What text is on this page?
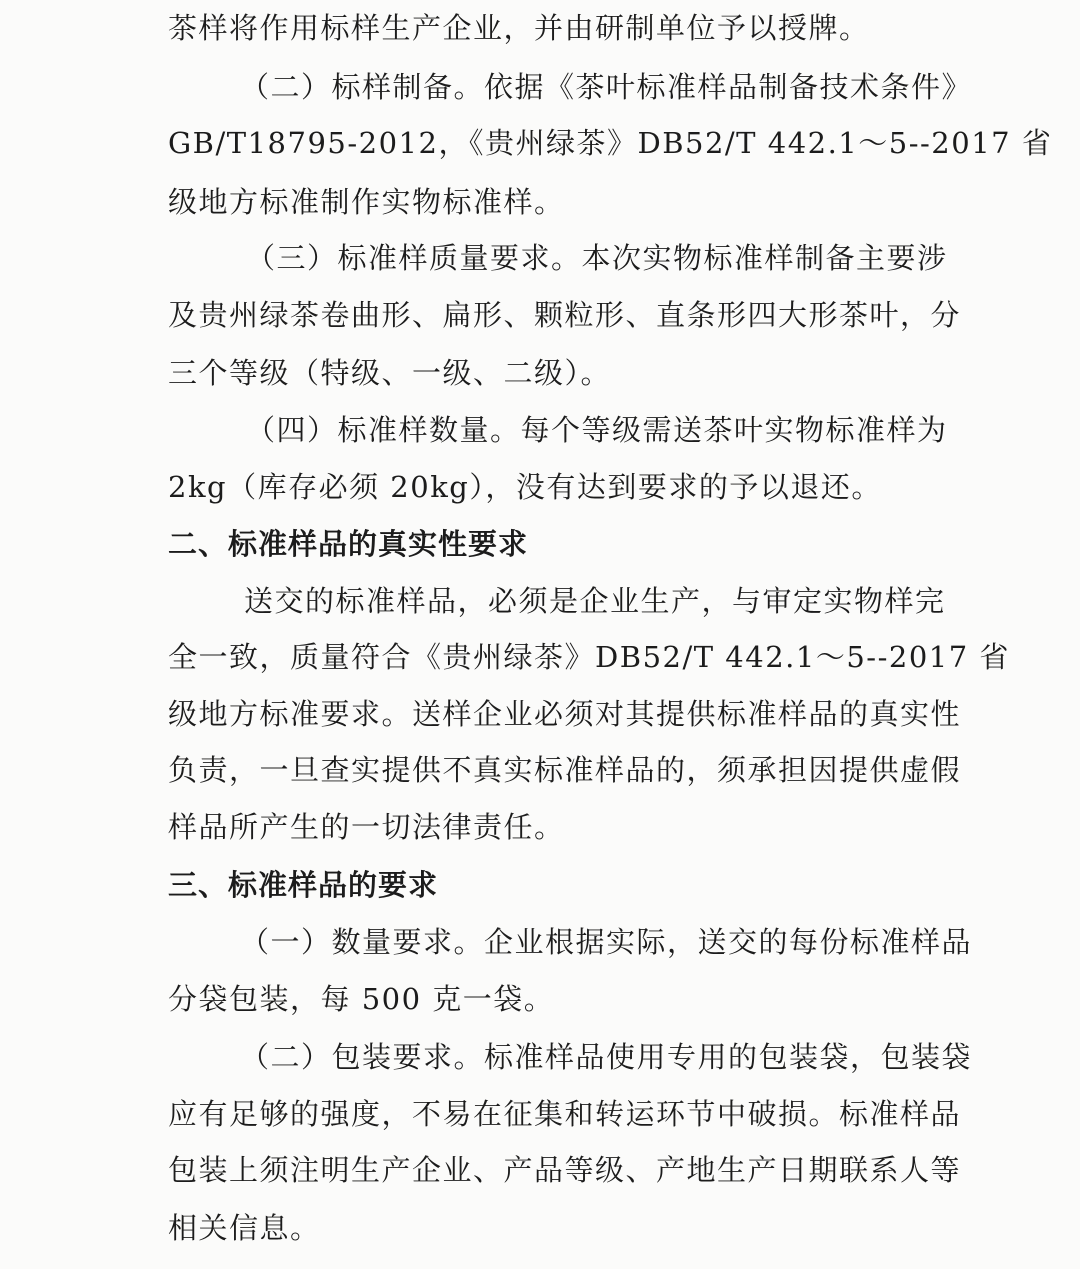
茶样将作用标样生产企业，并由研制单位予以授牌。
（二）标样制备。依据《茶叶标准样品制备技术条件》
GB/T18795-2012，《贵州绿茶》DB52/T 442.1～5--2017 省
级地方标准制作实物标准样。
（三）标准样质量要求。本次实物标准样制备主要涉
及贵州绿茶卷曲形、扁形、颗粒形、直条形四大形茶叶，分
三个等级（特级、一级、二级）。
（四）标准样数量。每个等级需送茶叶实物标准样为
2kg（库存必须 20kg），没有达到要求的予以退还。
二、标准样品的真实性要求
送交的标准样品，必须是企业生产，与审定实物样完
全一致，质量符合《贵州绿茶》DB52/T 442.1～5--2017 省
级地方标准要求。送样企业必须对其提供标准样品的真实性
负责，一旦查实提供不真实标准样品的，须承担因提供虚假
样品所产生的一切法律责任。
三、标准样品的要求
（一）数量要求。企业根据实际，送交的每份标准样品
分袋包装，每 500 克一袋。
（二）包装要求。标准样品使用专用的包装袋，包装袋
应有足够的强度，不易在征集和转运环节中破损。标准样品
包装上须注明生产企业、产品等级、产地生产日期联系人等
相关信息。
